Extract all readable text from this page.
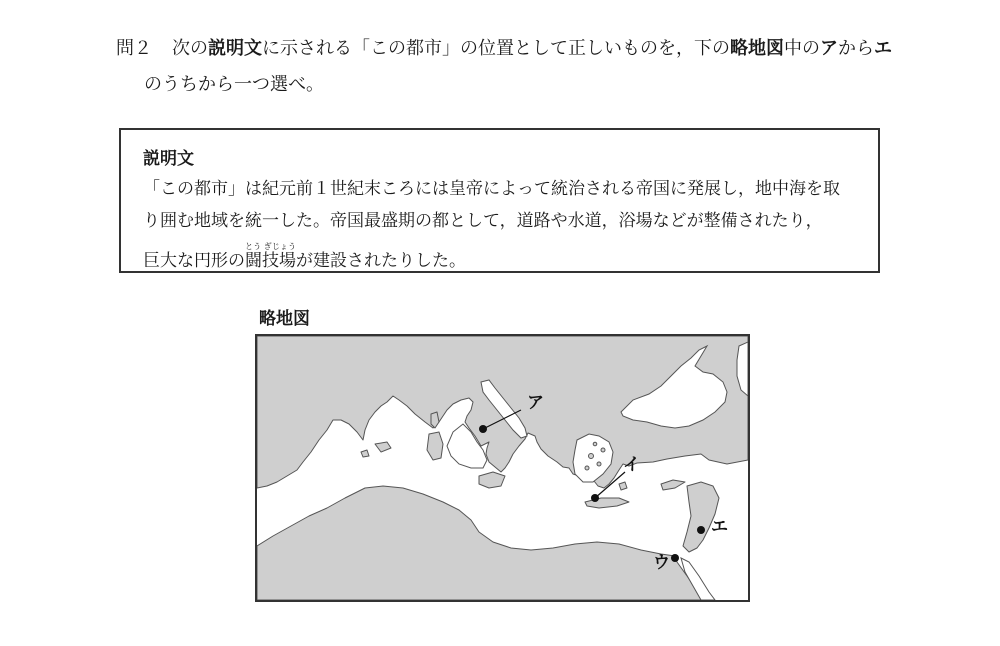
問２ 次の説明文に示される「この都市」の位置として正しいものを，下の略地図中のアからエ
のうちから一つ選べ。
説明文
「この都市」は紀元前１世紀末ころには皇帝によって統治される帝国に発展し，地中海を取
り囲む地域を統一した。帝国最盛期の都として，道路や水道，浴場などが整備されたり，
巨大な円形の闘技場とう ぎじょうが建設されたりした。
略地図
ア
イ
エ
ウ
